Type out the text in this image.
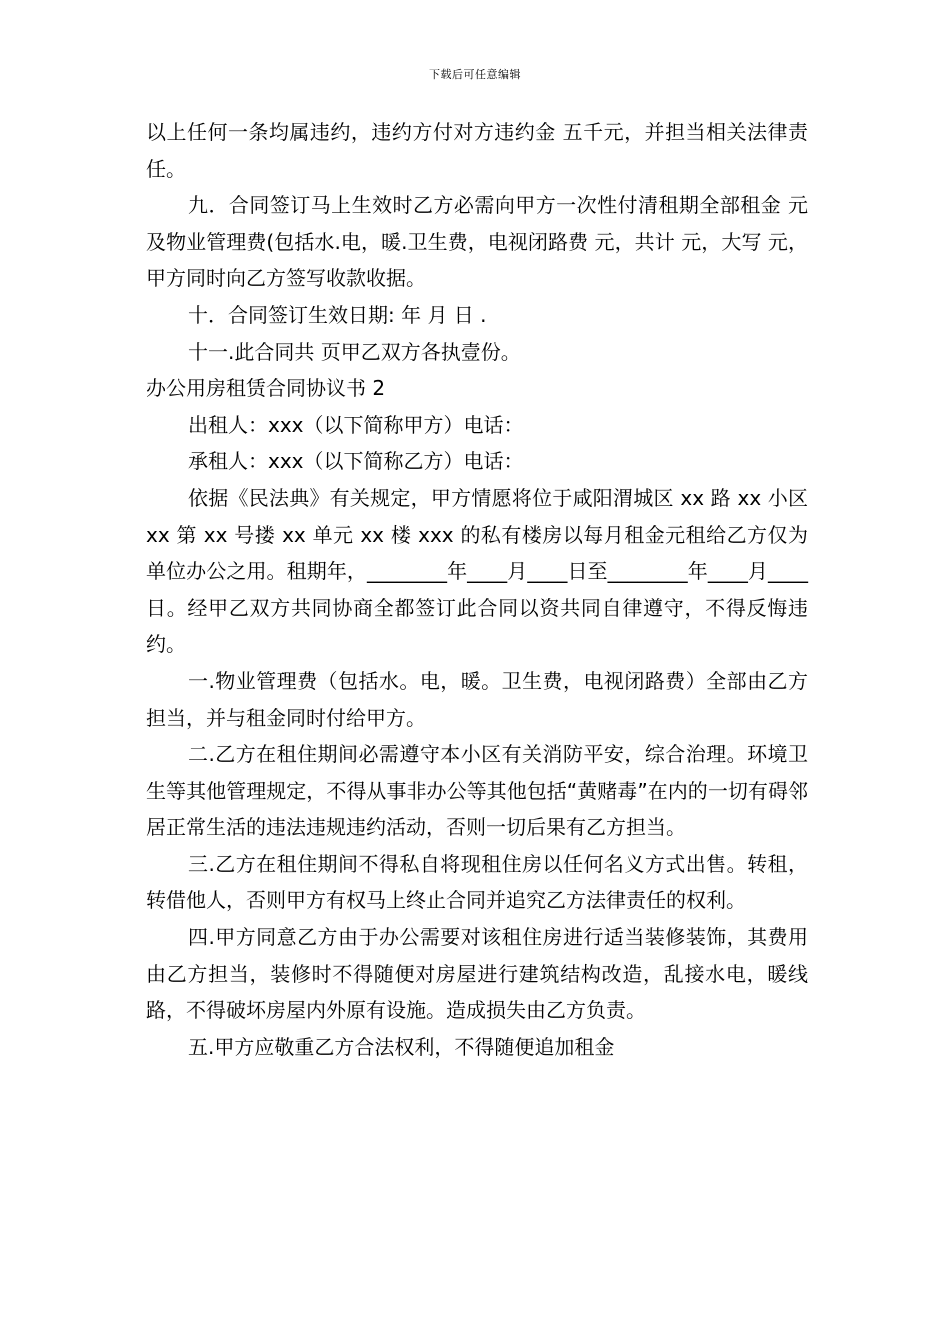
下载后可任意编辑

以上任何一条均属违约，违约方付对方违约金 五千元，并担当相关法律责任。

九．合同签订马上生效时乙方必需向甲方一次性付清租期全部租金 元及物业管理费(包括水.电，暖.卫生费，电视闭路费 元，共计 元，大写 元，甲方同时向乙方签写收款收据。

十．合同签订生效日期: 年 月 日 .

十一.此合同共 页甲乙双方各执壹份。

办公用房租赁合同协议书 2

出租人：xxx（以下简称甲方）电话：

承租人：xxx（以下简称乙方）电话：

依据《民法典》有关规定，甲方情愿将位于咸阳渭城区 xx 路 xx 小区 xx 第 xx 号搂 xx 单元 xx 楼 xxx 的私有楼房以每月租金元租给乙方仅为单位办公之用。租期年，________年____月____日至________年____月____日。经甲乙双方共同协商全都签订此合同以资共同自律遵守，不得反悔违约。

一.物业管理费（包括水。电，暖。卫生费，电视闭路费）全部由乙方担当，并与租金同时付给甲方。

二.乙方在租住期间必需遵守本小区有关消防平安，综合治理。环境卫生等其他管理规定，不得从事非办公等其他包括“黄赌毒”在内的一切有碍邻居正常生活的违法违规违约活动，否则一切后果有乙方担当。

三.乙方在租住期间不得私自将现租住房以任何名义方式出售。转租，转借他人，否则甲方有权马上终止合同并追究乙方法律责任的权利。

四.甲方同意乙方由于办公需要对该租住房进行适当装修装饰，其费用由乙方担当，装修时不得随便对房屋进行建筑结构改造，乱接水电，暖线路，不得破坏房屋内外原有设施。造成损失由乙方负责。

五.甲方应敬重乙方合法权利，不得随便追加租金
